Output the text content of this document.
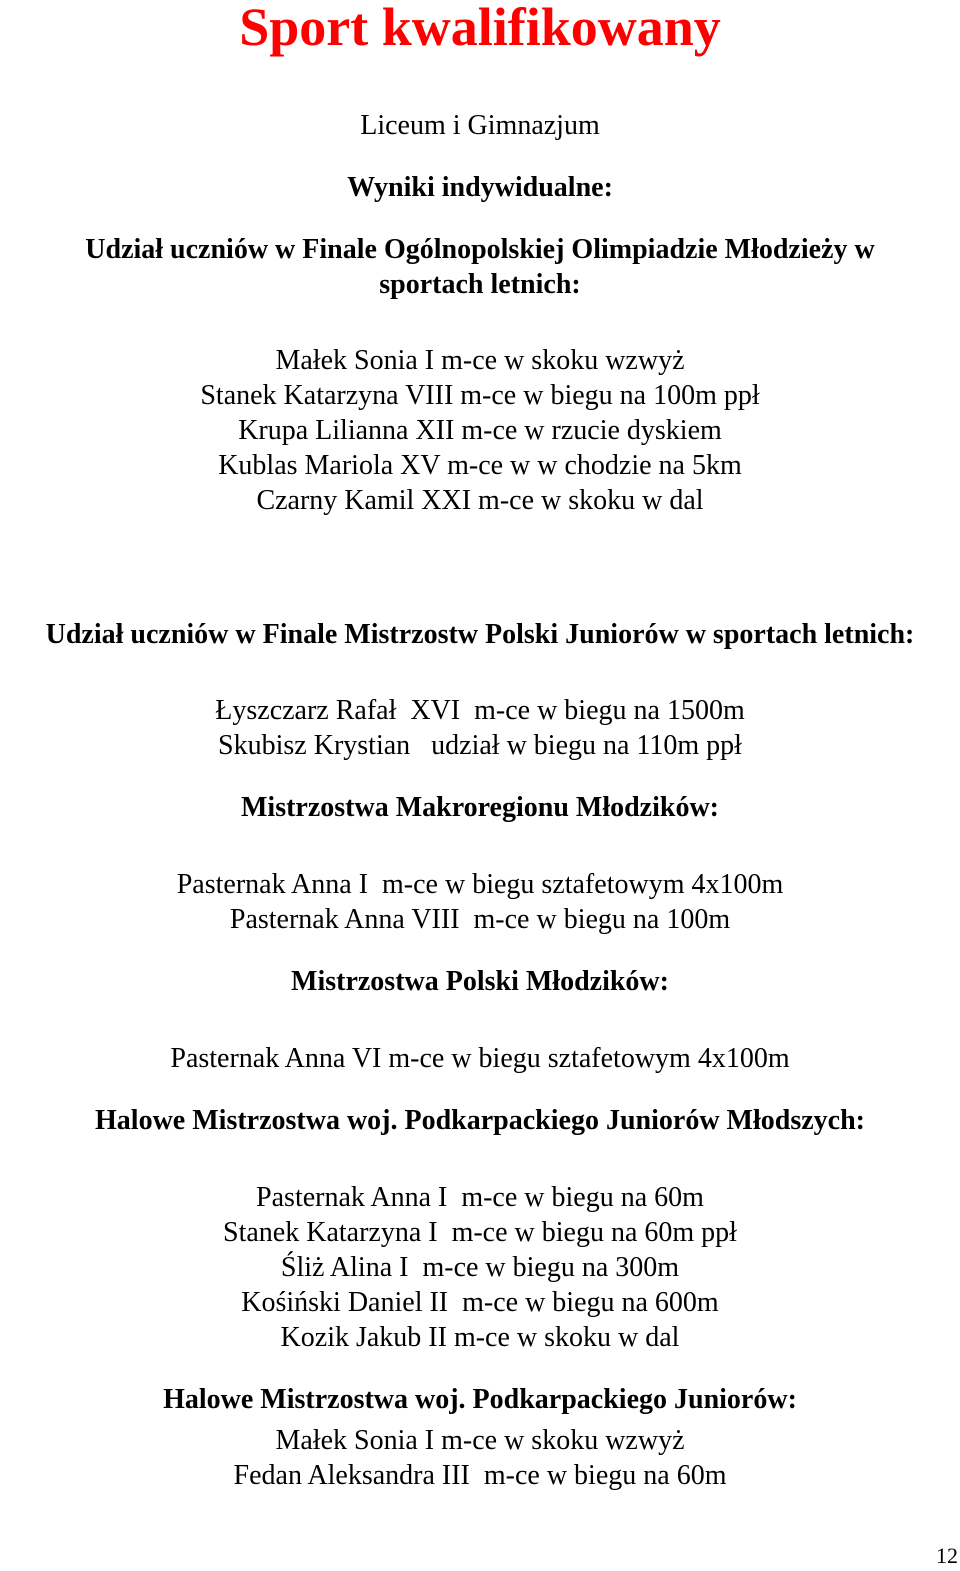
Sport kwalifikowany
Liceum i Gimnazjum
Wyniki indywidualne:
Udział uczniów w Finale Ogólnopolskiej Olimpiadzie Młodzieży w
sportach letnich:
Małek Sonia I m-ce w skoku wzwyż
Stanek Katarzyna VIII m-ce w biegu na 100m ppł
Krupa Lilianna XII m-ce w rzucie dyskiem
Kublas Mariola XV m-ce w w chodzie na 5km
Czarny Kamil XXI m-ce w skoku w dal
Udział uczniów w Finale Mistrzostw Polski Juniorów w sportach letnich:
Łyszczarz Rafał  XVI  m-ce w biegu na 1500m
Skubisz Krystian   udział w biegu na 110m ppł
Mistrzostwa Makroregionu Młodzików:
Pasternak Anna I  m-ce w biegu sztafetowym 4x100m
Pasternak Anna VIII  m-ce w biegu na 100m
Mistrzostwa Polski Młodzików:
Pasternak Anna VI m-ce w biegu sztafetowym 4x100m
Halowe Mistrzostwa woj. Podkarpackiego Juniorów Młodszych:
Pasternak Anna I  m-ce w biegu na 60m
Stanek Katarzyna I  m-ce w biegu na 60m ppł
Śliż Alina I  m-ce w biegu na 300m
Kośiński Daniel II  m-ce w biegu na 600m
Kozik Jakub II m-ce w skoku w dal
Halowe Mistrzostwa woj. Podkarpackiego Juniorów:
Małek Sonia I m-ce w skoku wzwyż
Fedan Aleksandra III  m-ce w biegu na 60m
12
